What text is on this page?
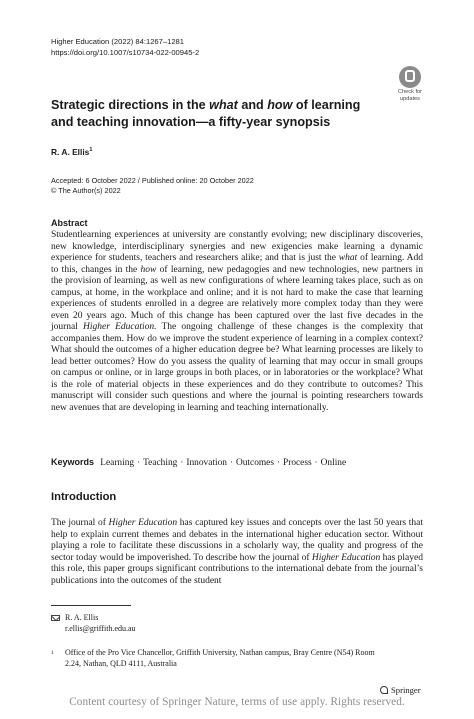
Higher Education (2022) 84:1267–1281
https://doi.org/10.1007/s10734-022-00945-2
Check for
updates
Strategic directions in the what and how of learning and teaching innovation—a fifty-year synopsis
R. A. Ellis$^1$
Accepted: 6 October 2022 / Published online: 20 October 2022
© The Author(s) 2022
Abstract

Studentlearning experiences at university are constantly evolving; new disciplinary discoveries, new knowledge, interdisciplinary synergies and new exigencies make learning a dynamic experience for students, teachers and researchers alike; and that is just the what of learning. Add to this, changes in the how of learning, new pedagogies and new technologies, new partners in the provision of learning, as well as new configurations of where learning takes place, such as on campus, at home, in the workplace and online; and it is not hard to make the case that learning experiences of students enrolled in a degree are relatively more complex today than they were even 20 years ago. Much of this change has been captured over the last five decades in the journal Higher Education. The ongoing challenge of these changes is the complexity that accompanies them. How do we improve the student experience of learning in a complex context? What should the outcomes of a higher education degree be? What learning processes are likely to lead better outcomes? How do you assess the quality of learning that may occur in small groups on campus or online, or in large groups in both places, or in laboratories or the workplace? What is the role of material objects in these experiences and do they contribute to outcomes? This manuscript will consider such questions and where the journal is pointing researchers towards new avenues that are developing in learning and teaching internationally.

Keywords Learning · Teaching · Innovation · Outcomes · Process · Online
Introduction

The journal of Higher Education has captured key issues and concepts over the last 50 years that help to explain current themes and debates in the international higher education sector. Without playing a role to facilitate these discussions in a scholarly way, the quality and progress of the sector today would be impoverished. To describe how the journal of Higher Education has played this role, this paper groups significant contributions to the international debate from the journal’s publications into the outcomes of the student

R. A. Ellis
r.ellis@griffith.edu.au
1 Office of the Pro Vice Chancellor, Griffith University, Nathan campus, Bray Centre (N54) Room
2.24, Nathan, QLD 4111, Australia
Springer
Content courtesy of Springer Nature, terms of use apply. Rights reserved.
